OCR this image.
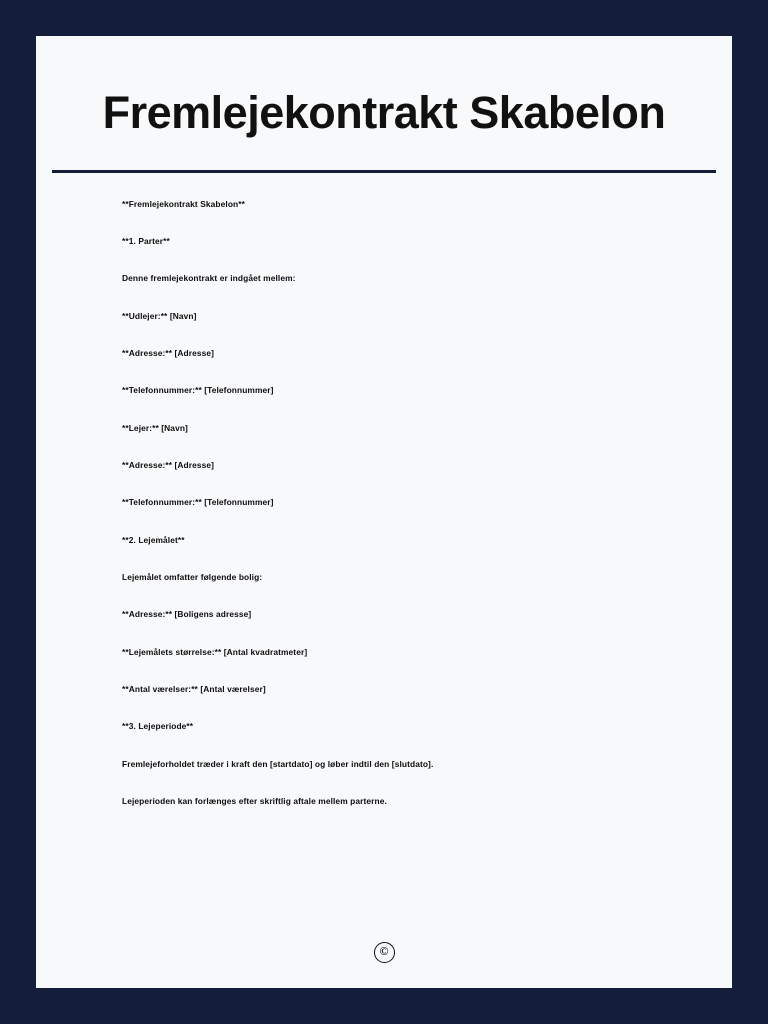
Fremlejekontrakt Skabelon

**Fremlejekontrakt Skabelon**

**1. Parter**

Denne fremlejekontrakt er indgået mellem:

**Udlejer:** [Navn]

**Adresse:** [Adresse]

**Telefonnummer:** [Telefonnummer]

**Lejer:** [Navn]

**Adresse:** [Adresse]

**Telefonnummer:** [Telefonnummer]

**2. Lejemålet**

Lejemålet omfatter følgende bolig:

**Adresse:** [Boligens adresse]

**Lejemålets størrelse:** [Antal kvadratmeter]

**Antal værelser:** [Antal værelser]

**3. Lejeperiode**

Fremlejeforholdet træder i kraft den [startdato] og løber indtil den [slutdato].

Lejeperioden kan forlænges efter skriftlig aftale mellem parterne.

©
